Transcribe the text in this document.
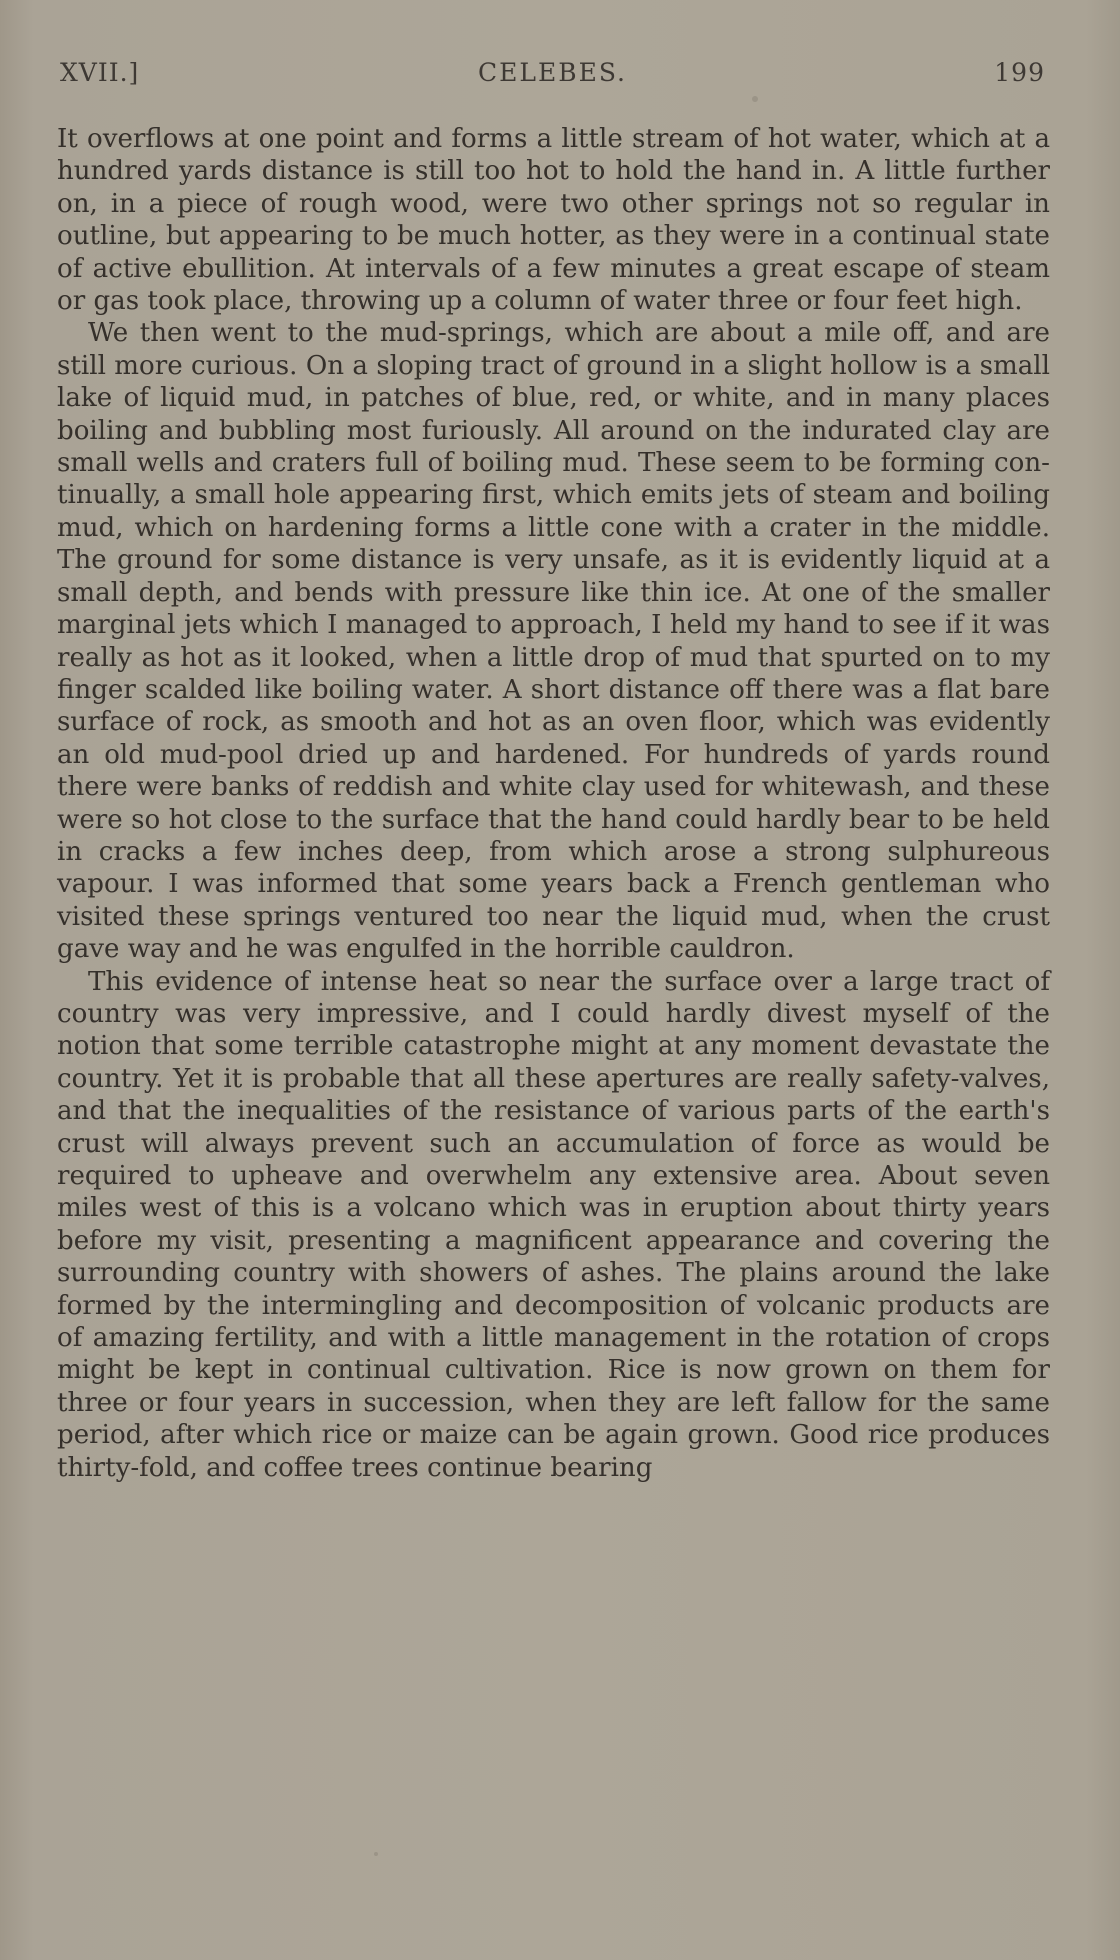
XVII.]	CELEBES.	199

It overflows at one point and forms a little stream of hot water, which at a hundred yards distance is still too hot to hold the hand in. A little further on, in a piece of rough wood, were two other springs not so regular in outline, but appearing to be much hotter, as they were in a continual state of active ebullition. At intervals of a few minutes a great escape of steam or gas took place, throwing up a column of water three or four feet high.

We then went to the mud-springs, which are about a mile off, and are still more curious. On a sloping tract of ground in a slight hollow is a small lake of liquid mud, in patches of blue, red, or white, and in many places boiling and bubbling most furiously. All around on the indurated clay are small wells and craters full of boiling mud. These seem to be forming continually, a small hole appearing first, which emits jets of steam and boiling mud, which on hardening forms a little cone with a crater in the middle. The ground for some distance is very unsafe, as it is evidently liquid at a small depth, and bends with pressure like thin ice. At one of the smaller marginal jets which I managed to approach, I held my hand to see if it was really as hot as it looked, when a little drop of mud that spurted on to my finger scalded like boiling water. A short distance off there was a flat bare surface of rock, as smooth and hot as an oven floor, which was evidently an old mud-pool dried up and hardened. For hundreds of yards round there were banks of reddish and white clay used for whitewash, and these were so hot close to the surface that the hand could hardly bear to be held in cracks a few inches deep, from which arose a strong sulphureous vapour. I was informed that some years back a French gentleman who visited these springs ventured too near the liquid mud, when the crust gave way and he was engulfed in the horrible cauldron.

This evidence of intense heat so near the surface over a large tract of country was very impressive, and I could hardly divest myself of the notion that some terrible catastrophe might at any moment devastate the country. Yet it is probable that all these apertures are really safety-valves, and that the inequalities of the resistance of various parts of the earth's crust will always prevent such an accumulation of force as would be required to upheave and overwhelm any extensive area. About seven miles west of this is a volcano which was in eruption about thirty years before my visit, presenting a magnificent appearance and covering the surrounding country with showers of ashes. The plains around the lake formed by the intermingling and decomposition of volcanic products are of amazing fertility, and with a little management in the rotation of crops might be kept in continual cultivation. Rice is now grown on them for three or four years in succession, when they are left fallow for the same period, after which rice or maize can be again grown. Good rice produces thirty-fold, and coffee trees continue bearing
